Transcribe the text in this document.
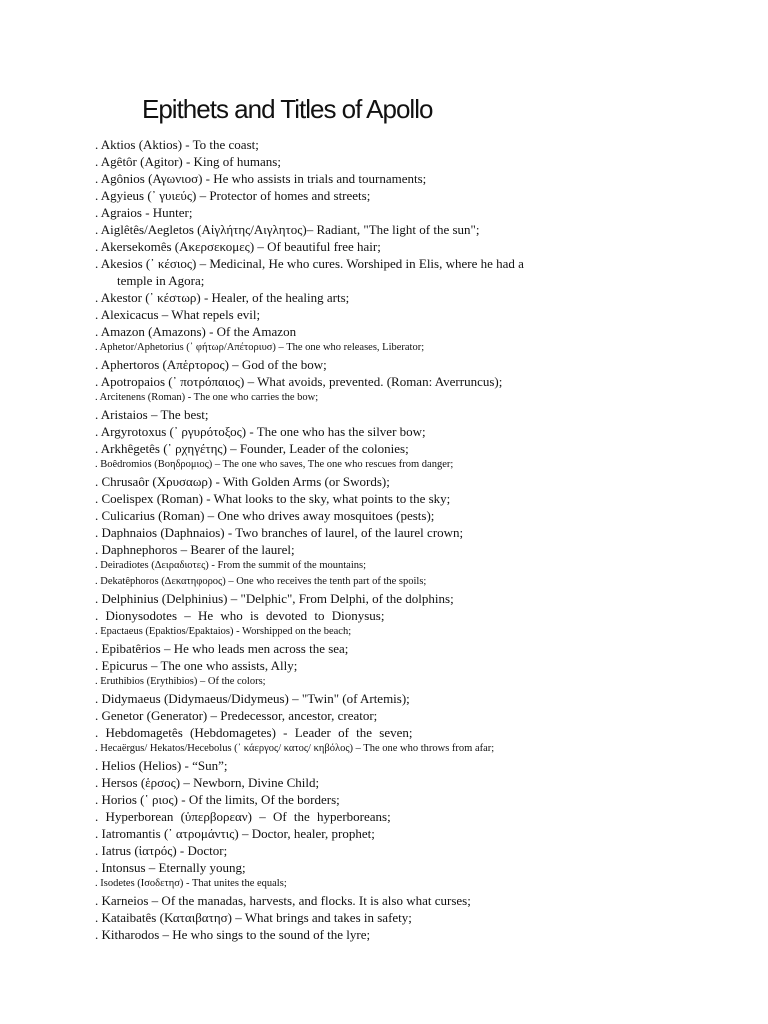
Epithets and Titles of Apollo
. Aktios (Aktios) - To the coast;
. Agêtôr (Agitor) - King of humans;
. Agônios (Αγωνιοσ) - He who assists in trials and tournaments;
. Agyieus (᾿ γυιεύς) – Protector of homes and streets;
. Agraios - Hunter;
. Aiglêtês/Aegletos (Αἰγλήτης/Αιγλητος)– Radiant, "The light of the sun";
. Akersekomês (Ακερσεκομες) – Of beautiful free hair;
. Akesios (᾿ κέσιος) – Medicinal, He who cures. Worshiped in Elis, where he had a
temple in Agora;
. Akestor (᾿ κέστωρ) - Healer, of the healing arts;
. Alexicacus – What repels evil;
. Amazon (Amazons) - Of the Amazon
. Aphetor/Aphetorius (᾿ φήτωρ/Απέτοριυσ) – The one who releases, Liberator;
. Aphertoros (Απἑρτορος) – God of the bow;
. Apotropaios (᾿ ποτρόπαιος) – What avoids, prevented. (Roman: Averruncus);
. Arcitenens (Roman) - The one who carries the bow;
. Aristaios – The best;
. Argyrotoxus (᾿ ργυρότοξος) - The one who has the silver bow;
. Arkhêgetês (᾿ ρχηγέτης) – Founder, Leader of the colonies;
. Boêdromios (Βοηδρομιος) – The one who saves, The one who rescues from danger;
. Chrusaôr (Χρυσαωρ) - With Golden Arms (or Swords);
. Coelispex (Roman) - What looks to the sky, what points to the sky;
. Culicarius (Roman) – One who drives away mosquitoes (pests);
. Daphnaios (Daphnaios) - Two branches of laurel, of the laurel crown;
. Daphnephoros – Bearer of the laurel;
. Deiradiotes (Δειραδιοτες) - From the summit of the mountains;
. Dekatêphoros (Δεκατηφορος) – One who receives the tenth part of the spoils;
. Delphinius (Delphinius) – "Delphic", From Delphi, of the dolphins;
. Dionysodotes – He who is devoted to Dionysus;
. Epactaeus (Epaktios/Epaktaios) - Worshipped on the beach;
. Epibatêrios – He who leads men across the sea;
. Epicurus – The one who assists, Ally;
. Eruthibios (Erythibios) – Of the colors;
. Didymaeus (Didymaeus/Didymeus) – "Twin" (of Artemis);
. Genetor (Generator) – Predecessor, ancestor, creator;
. Hebdomagetês (Hebdomagetes) - Leader of the seven;
. Hecaërgus/ Hekatos/Hecebolus (᾿ κάεργος/ κατος/ κηβόλος) – The one who throws from afar;
. Helios (Helios) - “Sun”;
. Hersos (ἑρσος) – Newborn, Divine Child;
. Horios (῾ ριος) - Of the limits, Of the borders;
. Hyperborean (ὑπερβορεαν) – Of the hyperboreans;
. Iatromantis (᾿ ατρομάντις) – Doctor, healer, prophet;
. Iatrus (ἰατρός) - Doctor;
. Intonsus – Eternally young;
. Isodetes (Ισοδετησ) - That unites the equals;
. Karneios – Of the manadas, harvests, and flocks. It is also what curses;
. Kataibatês (Καταιβατησ) – What brings and takes in safety;
. Kitharodos – He who sings to the sound of the lyre;
